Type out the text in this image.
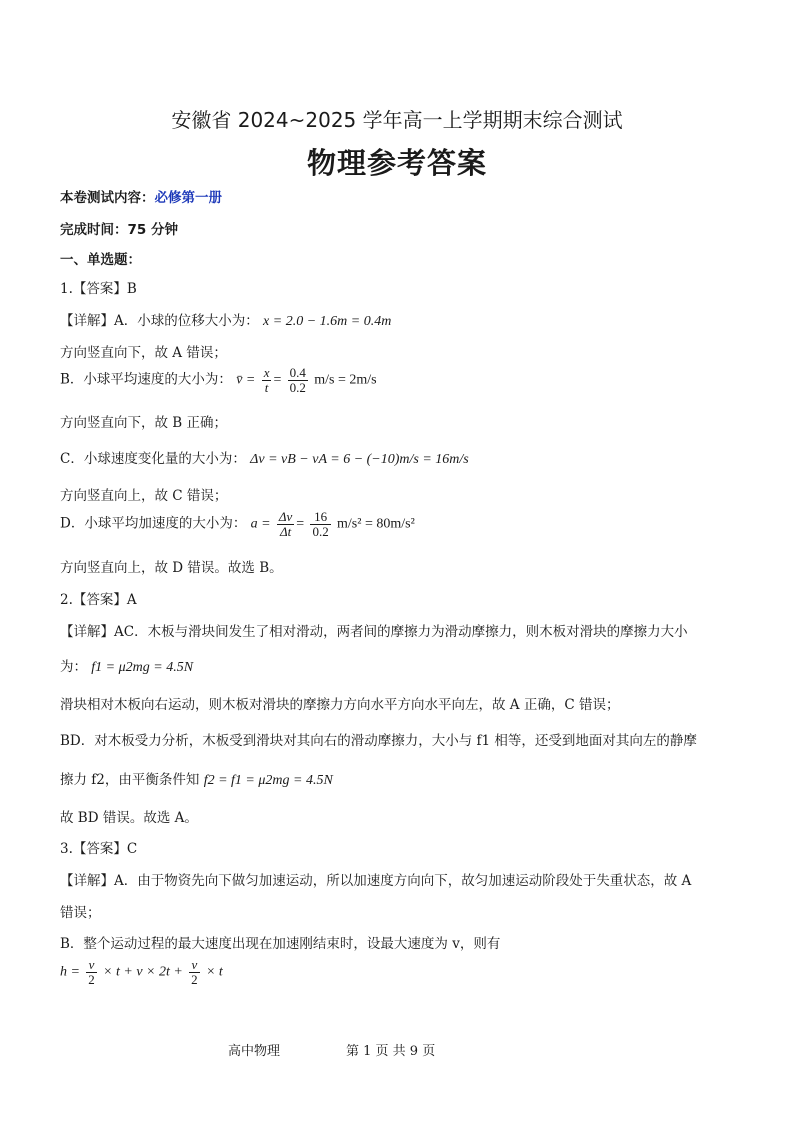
安徽省 2024~2025 学年高一上学期期末综合测试
物理参考答案
本卷测试内容：必修第一册
完成时间：75 分钟
一、单选题：
1.【答案】B
【详解】A．小球的位移大小为： x = 2.0 − 1.6m = 0.4m
方向竖直向下，故 A 错误；
B．小球平均速度的大小为： v̄ = $\frac{x}{t} = \frac{0.4}{0.2} m/s = 2m/s$
方向竖直向下，故 B 正确；
C．小球速度变化量的大小为： Δv = vB − vA = 6 − (−10)m/s = 16m/s
方向竖直向上，故 C 错误；
D．小球平均加速度的大小为： $a = \frac{\Delta v}{\Delta t} = \frac{16}{0.2} m/s^2 = 80m/s^2$
方向竖直向上，故 D 错误。故选 B。
2.【答案】A
【详解】AC．木板与滑块间发生了相对滑动，两者间的摩擦力为滑动摩擦力，则木板对滑块的摩擦力大小
为： f1 = μ2mg = 4.5N
滑块相对木板向右运动，则木板对滑块的摩擦力方向水平方向水平向左，故 A 正确，C 错误；
BD．对木板受力分析，木板受到滑块对其向右的滑动摩擦力，大小与 f1 相等，还受到地面对其向左的静摩
擦力 f2，由平衡条件知 f2 = f1 = μ2mg = 4.5N
故 BD 错误。故选 A。
3.【答案】C
【详解】A．由于物资先向下做匀加速运动，所以加速度方向向下，故匀加速运动阶段处于失重状态，故 A
错误；
B．整个运动过程的最大速度出现在加速刚结束时，设最大速度为 v，则有
$h = \frac{v}{2} \times t + v \times 2t + \frac{v}{2} \times t$
高中物理	第 1 页 共 9 页
